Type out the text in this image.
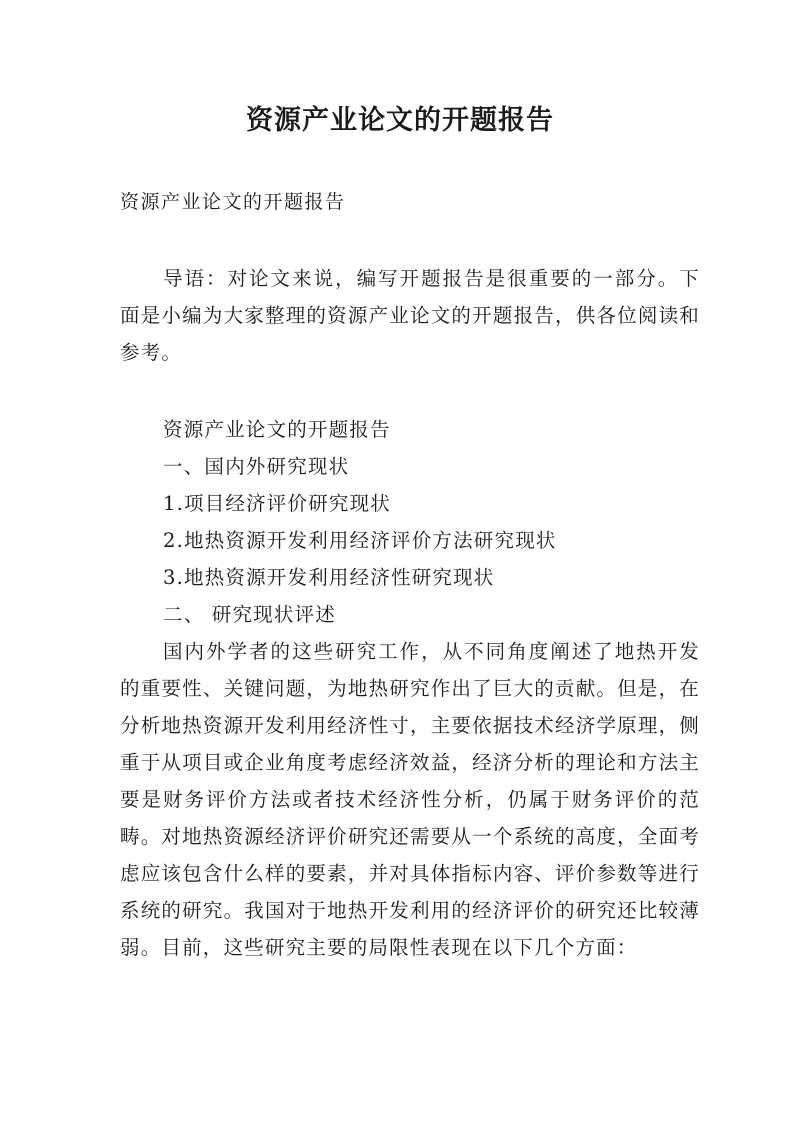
资源产业论文的开题报告

资源产业论文的开题报告

导语：对论文来说，编写开题报告是很重要的一部分。下面是小编为大家整理的资源产业论文的开题报告，供各位阅读和参考。

资源产业论文的开题报告

一、国内外研究现状

1.项目经济评价研究现状

2.地热资源开发利用经济评价方法研究现状

3.地热资源开发利用经济性研究现状

二、 研究现状评述

国内外学者的这些研究工作，从不同角度阐述了地热开发的重要性、关键问题，为地热研究作出了巨大的贡献。但是，在分析地热资源开发利用经济性寸，主要依据技术经济学原理，侧重于从项目或企业角度考虑经济效益，经济分析的理论和方法主要是财务评价方法或者技术经济性分析，仍属于财务评价的范畴。对地热资源经济评价研究还需要从一个系统的高度，全面考虑应该包含什么样的要素，并对具体指标内容、评价参数等进行系统的研究。我国对于地热开发利用的经济评价的研究还比较薄弱。目前，这些研究主要的局限性表现在以下几个方面：
